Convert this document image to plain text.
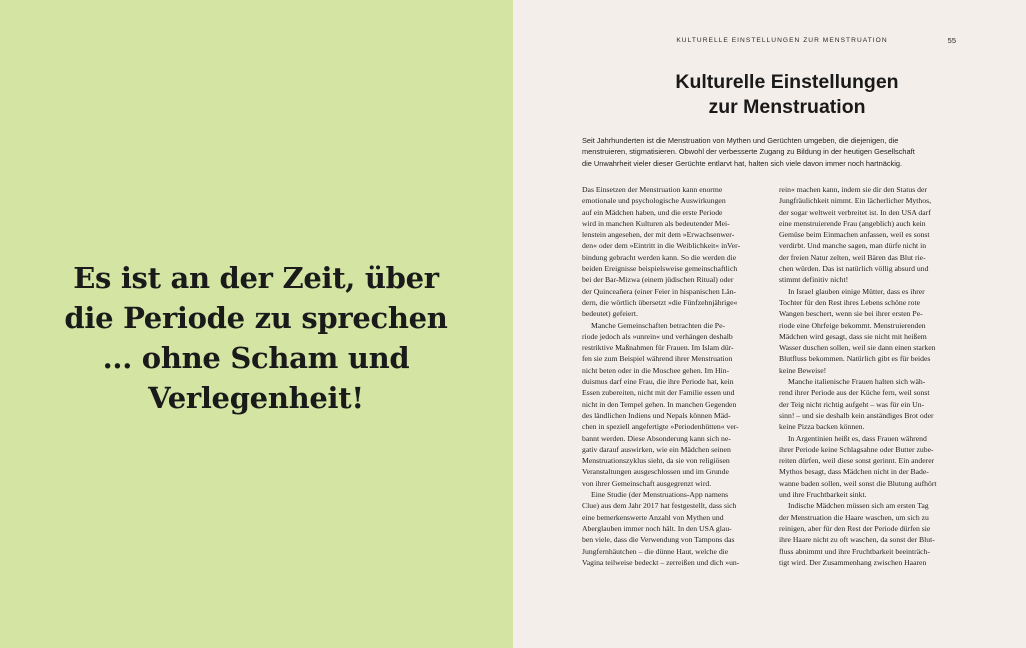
Es ist an der Zeit, über
die Periode zu sprechen
... ohne Scham und
Verlegenheit!
KULTURELLE EINSTELLUNGEN ZUR MENSTRUATION	55
Kulturelle Einstellungen
zur Menstruation
Seit Jahrhunderten ist die Menstruation von Mythen und Gerüchten umgeben, die diejenigen, die
menstruieren, stigmatisieren. Obwohl der verbesserte Zugang zu Bildung in der heutigen Gesellschaft
die Unwahrheit vieler dieser Gerüchte entlarvt hat, halten sich viele davon immer noch hartnäckig.
Das Einsetzen der Menstruation kann enorme
emotionale und psychologische Auswirkungen
auf ein Mädchen haben, und die erste Periode
wird in manchen Kulturen als bedeutender Mei-
lenstein angesehen, der mit dem »Erwachsenwer-
den« oder dem »Eintritt in die Weiblichkeit« inVer-
bindung gebracht werden kann. So die werden die
beiden Ereignisse beispielsweise gemeinschaftlich
bei der Bar-Mizwa (einem jüdischen Ritual) oder
der Quinceañera (einer Feier in hispanischen Län-
dern, die wörtlich übersetzt »die Fünfzehnjährige«
bedeutet) gefeiert.
Manche Gemeinschaften betrachten die Pe-
riode jedoch als »unrein« und verhängen deshalb
restriktive Maßnahmen für Frauen. Im Islam dür-
fen sie zum Beispiel während ihrer Menstruation
nicht beten oder in die Moschee gehen. Im Hin-
duismus darf eine Frau, die ihre Periode hat, kein
Essen zubereiten, nicht mit der Familie essen und
nicht in den Tempel gehen. In manchen Gegenden
des ländlichen Indiens und Nepals können Mäd-
chen in speziell angefertigte »Periodenhütten« ver-
bannt werden. Diese Absonderung kann sich ne-
gativ darauf auswirken, wie ein Mädchen seinen
Menstruationszyklus sieht, da sie von religiösen
Veranstaltungen ausgeschlossen und im Grunde
von ihrer Gemeinschaft ausgegrenzt wird.
Eine Studie (der Menstruations-App namens
Clue) aus dem Jahr 2017 hat festgestellt, dass sich
eine bemerkenswerte Anzahl von Mythen und
Aberglauben immer noch hält. In den USA glau-
ben viele, dass die Verwendung von Tampons das
Jungfernhäutchen – die dünne Haut, welche die
Vagina teilweise bedeckt – zerreißen und dich »un-
rein« machen kann, indem sie dir den Status der
Jungfräulichkeit nimmt. Ein lächerlicher Mythos,
der sogar weltweit verbreitet ist. In den USA darf
eine menstruierende Frau (angeblich) auch kein
Gemüse beim Einmachen anfassen, weil es sonst
verdirbt. Und manche sagen, man dürfe nicht in
der freien Natur zelten, weil Bären das Blut rie-
chen würden. Das ist natürlich völlig absurd und
stimmt definitiv nicht!
In Israel glauben einige Mütter, dass es ihrer
Tochter für den Rest ihres Lebens schöne rote
Wangen beschert, wenn sie bei ihrer ersten Pe-
riode eine Ohrfeige bekommt. Menstruierenden
Mädchen wird gesagt, dass sie nicht mit heißem
Wasser duschen sollen, weil sie dann einen starken
Blutfluss bekommen. Natürlich gibt es für beides
keine Beweise!
Manche italienische Frauen halten sich wäh-
rend ihrer Periode aus der Küche fern, weil sonst
der Teig nicht richtig aufgeht – was für ein Un-
sinn! – und sie deshalb kein anständiges Brot oder
keine Pizza backen können.
In Argentinien heißt es, dass Frauen während
ihrer Periode keine Schlagsahne oder Butter zube-
reiten dürfen, weil diese sonst gerinnt. Ein anderer
Mythos besagt, dass Mädchen nicht in der Bade-
wanne baden sollen, weil sonst die Blutung aufhört
und ihre Fruchtbarkeit sinkt.
Indische Mädchen müssen sich am ersten Tag
der Menstruation die Haare waschen, um sich zu
reinigen, aber für den Rest der Periode dürfen sie
ihre Haare nicht zu oft waschen, da sonst der Blut-
fluss abnimmt und ihre Fruchtbarkeit beeinträch-
tigt wird. Der Zusammenhang zwischen Haaren
